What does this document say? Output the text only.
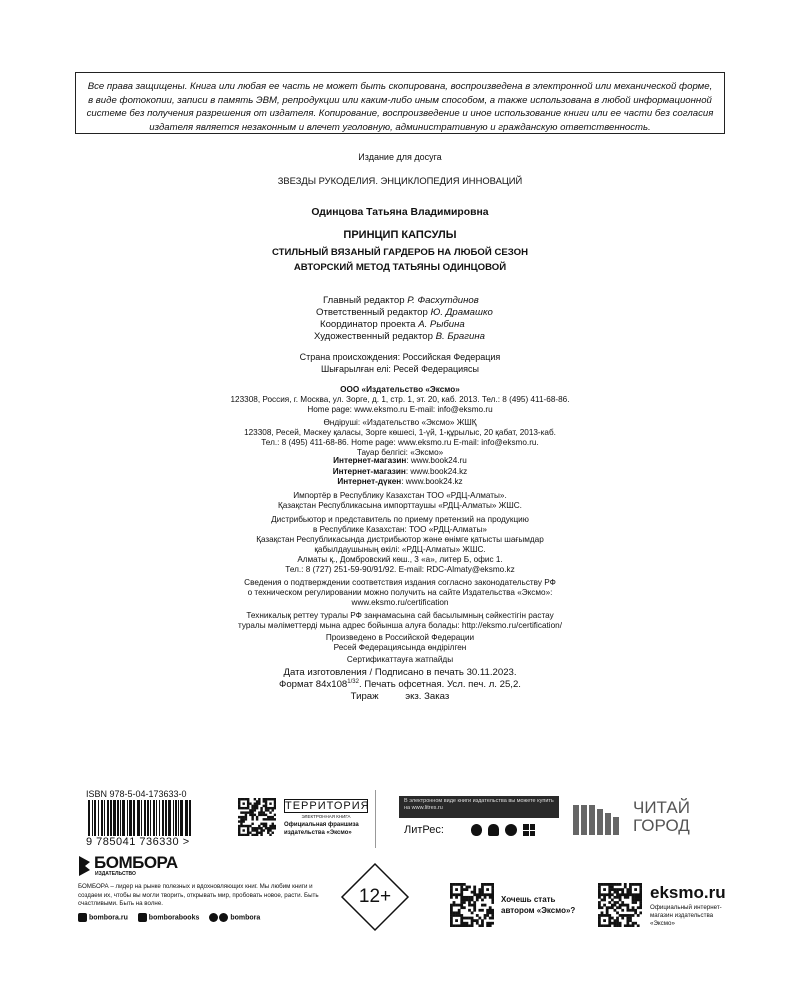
Все права защищены. Книга или любая ее часть не может быть скопирована, воспроизведена в электронной или механической форме, в виде фотокопии, записи в память ЭВМ, репродукции или каким-либо иным способом, а также использована в любой информационной системе без получения разрешения от издателя. Копирование, воспроизведение и иное использование книги или ее части без согласия издателя является незаконным и влечет уголовную, административную и гражданскую ответственность.
Издание для досуга
ЗВЕЗДЫ РУКОДЕЛИЯ. ЭНЦИКЛОПЕДИЯ ИННОВАЦИЙ
Одинцова Татьяна Владимировна
ПРИНЦИП КАПСУЛЫ
СТИЛЬНЫЙ ВЯЗАНЫЙ ГАРДЕРОБ НА ЛЮБОЙ СЕЗОН
АВТОРСКИЙ МЕТОД ТАТЬЯНЫ ОДИНЦОВОЙ
Главный редактор Р. Фасхутдинов
Ответственный редактор Ю. Драмашко
Координатор проекта А. Рыбина
Художественный редактор В. Брагина
Страна происхождения: Российская Федерация
Шығарылған елі: Ресей Федерациясы
ООО «Издательство «Эксмо»
123308, Россия, г. Москва, ул. Зорге, д. 1, стр. 1, эт. 20, каб. 2013. Тел.: 8 (495) 411-68-86.
Home page: www.eksmo.ru E-mail: info@eksmo.ru
Өндіруші: «Издательство «Эксмо» ЖШҚ
123308, Ресей, Мәскеу қаласы, Зорге көшесі, 1-үй, 1-құрылыс, 20 қабат, 2013-каб.
Тел.: 8 (495) 411-68-86. Home page: www.eksmo.ru E-mail: info@eksmo.ru.
Тауар белгісі: «Эксмо»
Интернет-магазин: www.book24.ru
Интернет-магазин: www.book24.kz
Интернет-дүкен: www.book24.kz
Импортёр в Республику Казахстан ТОО «РДЦ-Алматы».
Қазақстан Республикасына импорттаушы «РДЦ-Алматы» ЖШС.
Дистрибьютор и представитель по приему претензий на продукцию
в Республике Казахстан: ТОО «РДЦ-Алматы»
Қазақстан Республикасында дистрибьютор және өнімге қатысты шағымдар
қабылдаушының өкілі: «РДЦ-Алматы» ЖШС.
Алматы қ., Домбровский көш., 3 «а», литер Б, офис 1.
Тел.: 8 (727) 251-59-90/91/92. E-mail: RDC-Almaty@eksmo.kz
Сведения о подтверждении соответствия издания согласно законодательству РФ
о техническом регулировании можно получить на сайте Издательства «Эксмо»:
www.eksmo.ru/certification
Техникалық реттеу туралы РФ заңнамасына сай басылымның сәйкестігін растау
туралы мәліметтерді мына адрес бойынша алуға болады: http://eksmo.ru/certification/
Произведено в Российской Федерации
Ресей Федерациясында өндірілген
Сертификаттауға жатпайды
Дата изготовления / Подписано в печать 30.11.2023.
Формат $84x108^{1/32}$. Печать офсетная. Усл. печ. л. 25,2.
Тираж          экз. Заказ
ISBN 978-5-04-173633-0
9 785041 736330 >
БОМБОРА
ИЗДАТЕЛЬСТВО
БОМБОРА – лидер на рынке полезных и вдохновляющих книг. Мы любим книги и создаем их, чтобы вы могли творить, открывать мир, пробовать новое, расти. Быть счастливыми. Быть на волне.
bombora.ru	bomborabooks	bombora
12+
ТЕРРИТОРИЯ
ЭЛЕКТРОННАЯ КНИГА
Официальная франшиза издательства «Эксмо»
В электронном виде книги издательства вы можете купить на www.litres.ru
ЛитРес:
ЧИТАЙ
ГОРОД
Хочешь стать автором «Эксмо»?
eksmo.ru
Официальный интернет-магазин издательства «Эксмо»
